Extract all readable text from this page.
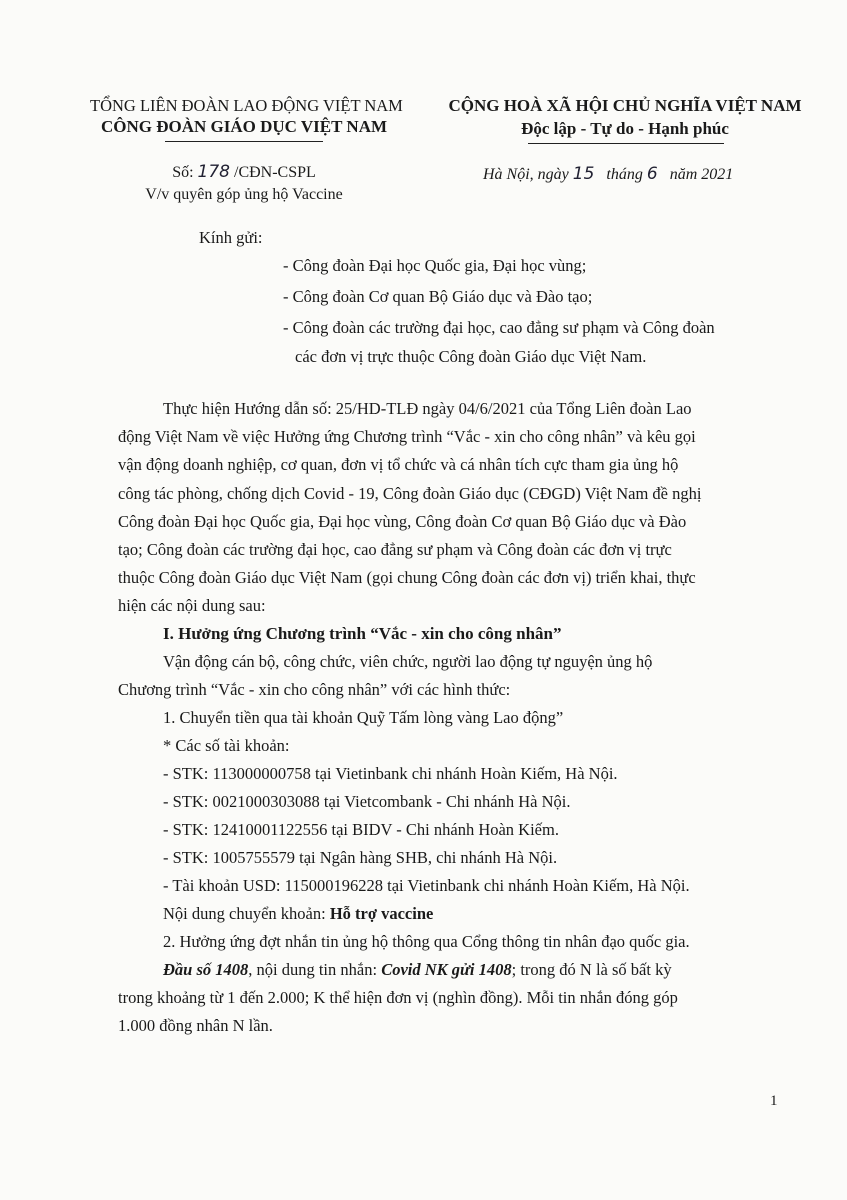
TỔNG LIÊN ĐOÀN LAO ĐỘNG VIỆT NAM
CÔNG ĐOÀN GIÁO DỤC VIỆT NAM
CỘNG HOÀ XÃ HỘI CHỦ NGHĨA VIỆT NAM
Độc lập - Tự do - Hạnh phúc
Số: 178 /CĐN-CSPL
V/v quyên góp ủng hộ Vaccine
Hà Nội, ngày 15 tháng 6 năm 2021
Kính gửi:
- Công đoàn Đại học Quốc gia, Đại học vùng;
- Công đoàn Cơ quan Bộ Giáo dục và Đào tạo;
- Công đoàn các trường đại học, cao đẳng sư phạm và Công đoàn
các đơn vị trực thuộc Công đoàn Giáo dục Việt Nam.
Thực hiện Hướng dẫn số: 25/HD-TLĐ ngày 04/6/2021 của Tổng Liên đoàn Lao
động Việt Nam về việc Hưởng ứng Chương trình “Vắc - xin cho công nhân” và kêu gọi
vận động doanh nghiệp, cơ quan, đơn vị tổ chức và cá nhân tích cực tham gia ủng hộ
công tác phòng, chống dịch Covid - 19, Công đoàn Giáo dục (CĐGD) Việt Nam đề nghị
Công đoàn Đại học Quốc gia, Đại học vùng, Công đoàn Cơ quan Bộ Giáo dục và Đào
tạo; Công đoàn các trường đại học, cao đẳng sư phạm và Công đoàn các đơn vị trực
thuộc Công đoàn Giáo dục Việt Nam (gọi chung Công đoàn các đơn vị) triển khai, thực
hiện các nội dung sau:
I. Hưởng ứng Chương trình “Vắc - xin cho công nhân”
Vận động cán bộ, công chức, viên chức, người lao động tự nguyện ủng hộ
Chương trình “Vắc - xin cho công nhân” với các hình thức:
1. Chuyển tiền qua tài khoản Quỹ Tấm lòng vàng Lao động”
* Các số tài khoản:
- STK: 113000000758 tại Vietinbank chi nhánh Hoàn Kiếm, Hà Nội.
- STK: 0021000303088 tại Vietcombank - Chi nhánh Hà Nội.
- STK: 12410001122556 tại BIDV - Chi nhánh Hoàn Kiếm.
- STK: 1005755579 tại Ngân hàng SHB, chi nhánh Hà Nội.
- Tài khoản USD: 115000196228 tại Vietinbank chi nhánh Hoàn Kiếm, Hà Nội.
Nội dung chuyển khoản: Hỗ trợ vaccine
2. Hưởng ứng đợt nhắn tin ủng hộ thông qua Cổng thông tin nhân đạo quốc gia.
Đầu số 1408, nội dung tin nhắn: Covid NK gửi 1408; trong đó N là số bất kỳ
trong khoảng từ 1 đến 2.000; K thể hiện đơn vị (nghìn đồng). Mỗi tin nhắn đóng góp
1.000 đồng nhân N lần.
1
